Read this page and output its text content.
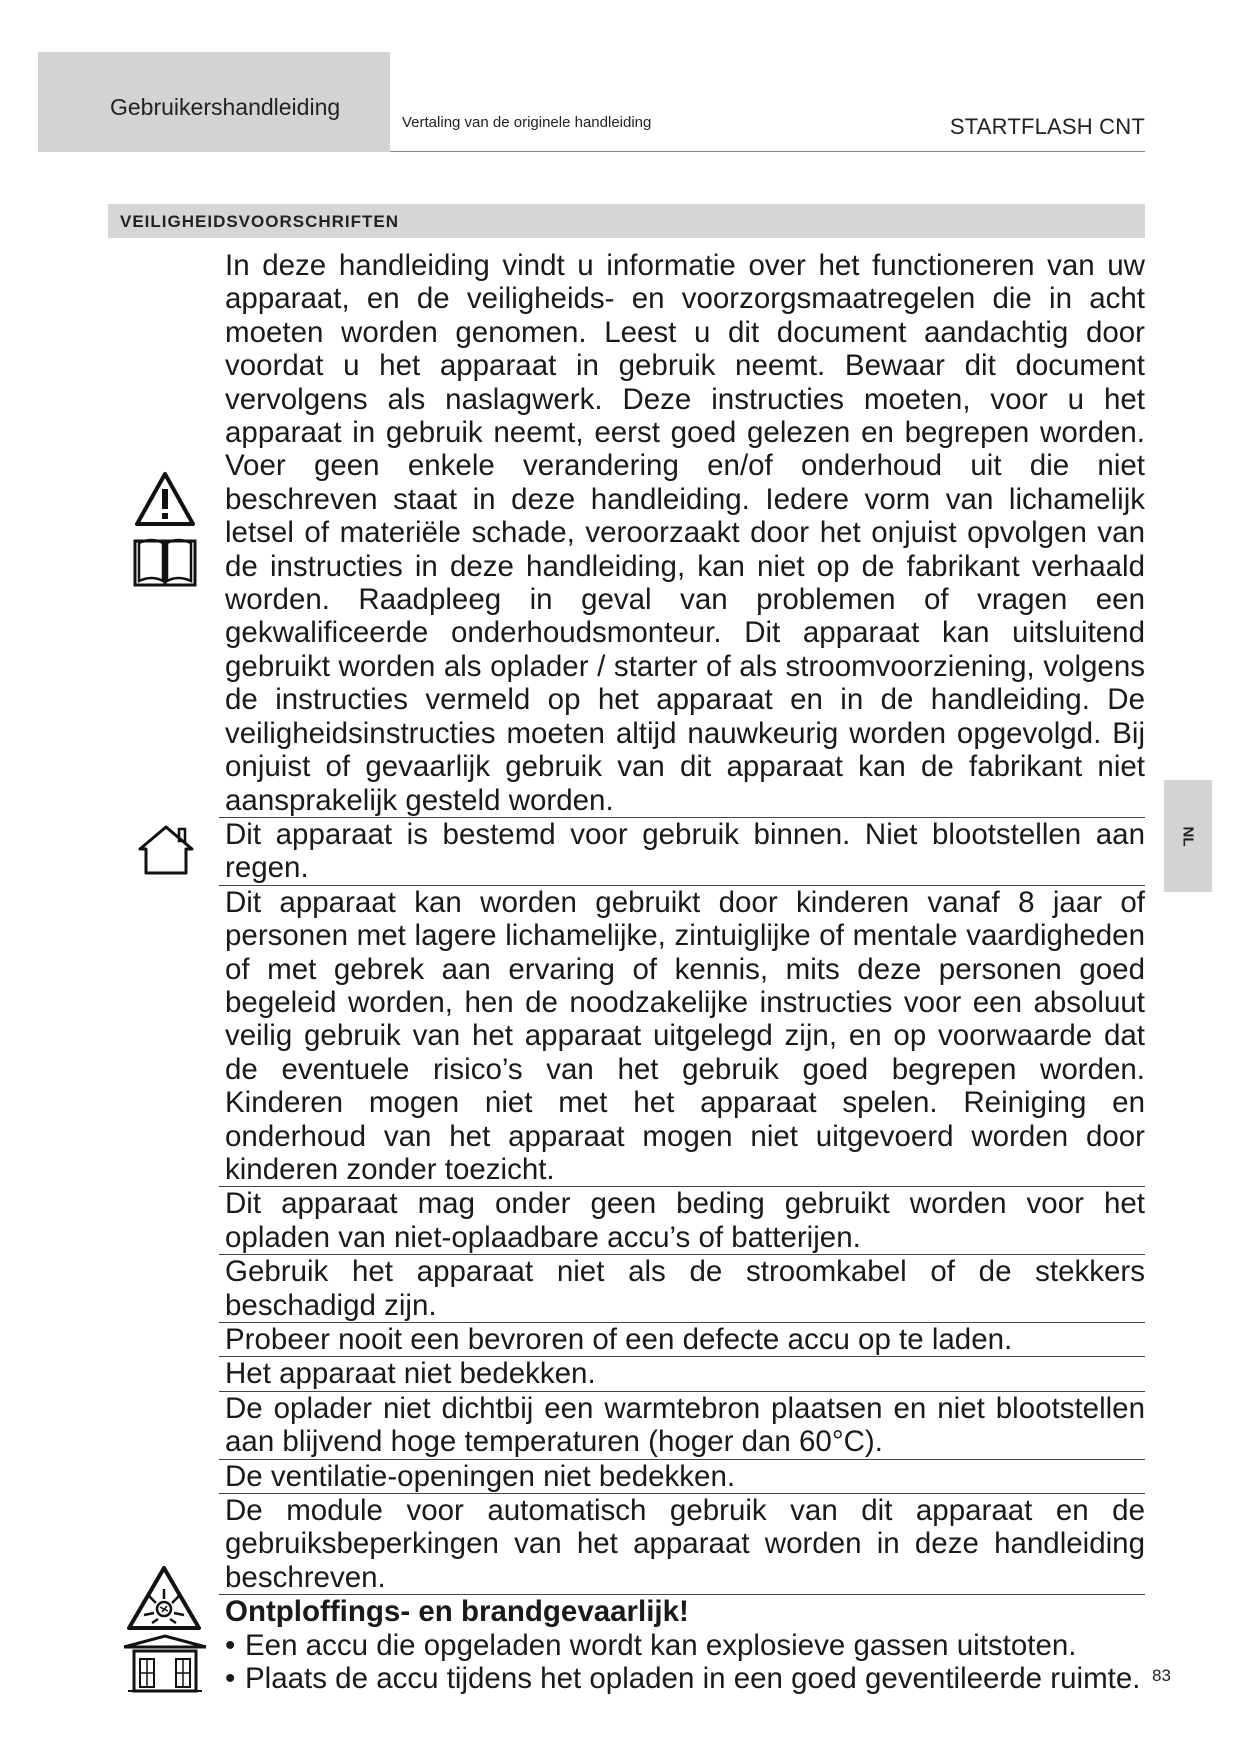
Gebruikershandleiding
Vertaling van de originele handleiding	STARTFLASH CNT
VEILIGHEIDSVOORSCHRIFTEN
NL
In deze handleiding vindt u informatie over het functioneren van uw apparaat, en de veiligheids- en voorzorgsmaatregelen die in acht moeten worden genomen. Leest u dit document aandachtig door voordat u het apparaat in gebruik neemt. Bewaar dit document vervolgens als naslagwerk. Deze instructies moeten, voor u het apparaat in gebruik neemt, eerst goed gelezen en begrepen worden. Voer geen enkele verandering en/of onderhoud uit die niet beschreven staat in deze handleiding. Iedere vorm van lichamelijk letsel of materiële schade, veroorzaakt door het onjuist opvolgen van de instructies in deze handleiding, kan niet op de fabrikant verhaald worden. Raadpleeg in geval van problemen of vragen een gekwalificeerde onderhoudsmonteur. Dit apparaat kan uitsluitend gebruikt worden als oplader / starter of als stroomvoorziening, volgens de instructies vermeld op het apparaat en in de handleiding. De veiligheidsinstructies moeten altijd nauwkeurig worden opgevolgd. Bij onjuist of gevaarlijk gebruik van dit apparaat kan de fabrikant niet aansprakelijk gesteld worden.
Dit apparaat is bestemd voor gebruik binnen. Niet blootstellen aan regen.
Dit apparaat kan worden gebruikt door kinderen vanaf 8 jaar of personen met lagere lichamelijke, zintuiglijke of mentale vaardigheden of met gebrek aan ervaring of kennis, mits deze personen goed begeleid worden, hen de noodzakelijke instructies voor een absoluut veilig gebruik van het apparaat uitgelegd zijn, en op voorwaarde dat de eventuele risico’s van het gebruik goed begrepen worden. Kinderen mogen niet met het apparaat spelen. Reiniging en onderhoud van het apparaat mogen niet uitgevoerd worden door kinderen zonder toezicht.
Dit apparaat mag onder geen beding gebruikt worden voor het opladen van niet-oplaadbare accu’s of batterijen.
Gebruik het apparaat niet als de stroomkabel of de stekkers beschadigd zijn.
Probeer nooit een bevroren of een defecte accu op te laden.
Het apparaat niet bedekken.
De oplader niet dichtbij een warmtebron plaatsen en niet blootstellen aan blijvend hoge temperaturen (hoger dan 60°C).
De ventilatie-openingen niet bedekken.
De module voor automatisch gebruik van dit apparaat en de gebruiksbeperkingen van het apparaat worden in deze handleiding beschreven.
Ontploffings- en brandgevaarlijk!
• Een accu die opgeladen wordt kan explosieve gassen uitstoten.
• Plaats de accu tijdens het opladen in een goed geventileerde ruimte. 83
